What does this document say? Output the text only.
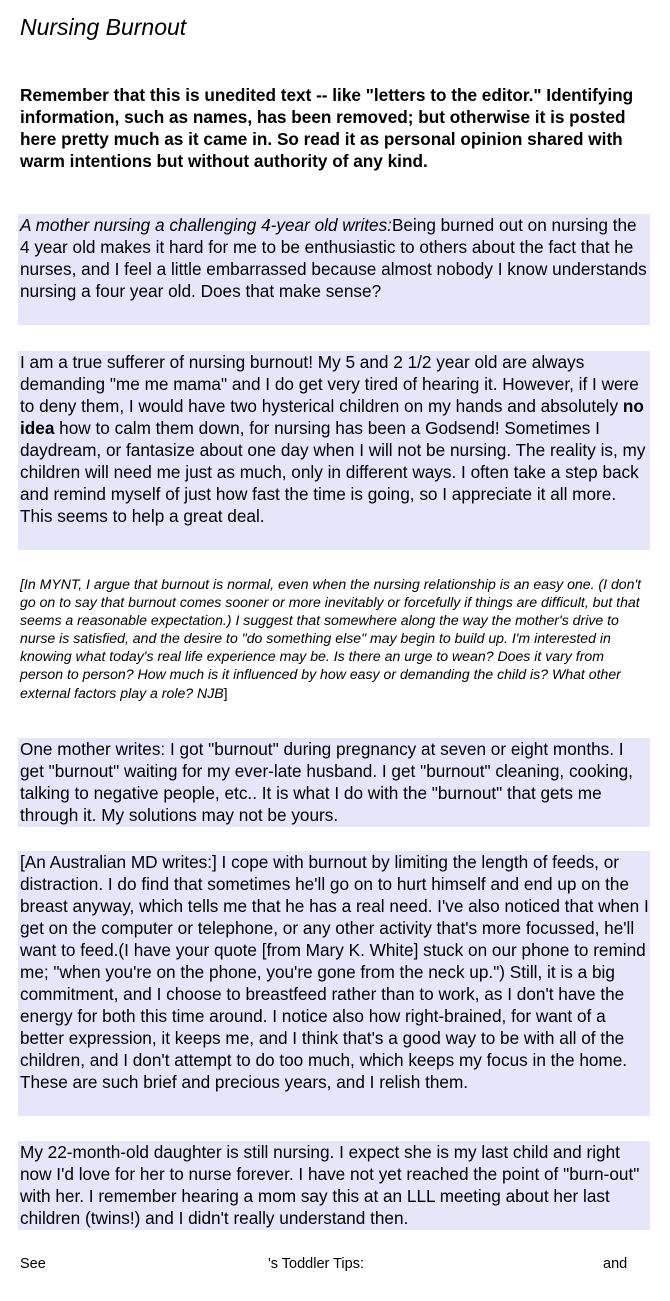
Nursing Burnout

Remember that this is unedited text -- like "letters to the editor." Identifying information, such as names, has been removed; but otherwise it is posted here pretty much as it came in. So read it as personal opinion shared with warm intentions but without authority of any kind.

A mother nursing a challenging 4-year old writes:Being burned out on nursing the 4 year old makes it hard for me to be enthusiastic to others about the fact that he nurses, and I feel a little embarrassed because almost nobody I know understands nursing a four year old. Does that make sense?
I am a true sufferer of nursing burnout! My 5 and 2 1/2 year old are always demanding "me me mama" and I do get very tired of hearing it. However, if I were to deny them, I would have two hysterical children on my hands and absolutely no idea how to calm them down, for nursing has been a Godsend! Sometimes I daydream, or fantasize about one day when I will not be nursing. The reality is, my children will need me just as much, only in different ways. I often take a step back and remind myself of just how fast the time is going, so I appreciate it all more. This seems to help a great deal.

[In MYNT, I argue that burnout is normal, even when the nursing relationship is an easy one. (I don't go on to say that burnout comes sooner or more inevitably or forcefully if things are difficult, but that seems a reasonable expectation.) I suggest that somewhere along the way the mother's drive to nurse is satisfied, and the desire to "do something else" may begin to build up. I'm interested in knowing what today's real life experience may be. Is there an urge to wean? Does it vary from person to person? How much is it influenced by how easy or demanding the child is? What other external factors play a role? NJB]

One mother writes: I got "burnout" during pregnancy at seven or eight months. I get "burnout" waiting for my ever-late husband. I get "burnout" cleaning, cooking, talking to negative people, etc.. It is what I do with the "burnout" that gets me through it. My solutions may not be yours.
[An Australian MD writes:] I cope with burnout by limiting the length of feeds, or distraction. I do find that sometimes he'll go on to hurt himself and end up on the breast anyway, which tells me that he has a real need. I've also noticed that when I get on the computer or telephone, or any other activity that's more focussed, he'll want to feed.(I have your quote [from Mary K. White] stuck on our phone to remind me; "when you're on the phone, you're gone from the neck up.") Still, it is a big commitment, and I choose to breastfeed rather than to work, as I don't have the energy for both this time around. I notice also how right-brained, for want of a better expression, it keeps me, and I think that's a good way to be with all of the children, and I don't attempt to do too much, which keeps my focus in the home. These are such brief and precious years, and I relish them.
My 22-month-old daughter is still nursing. I expect she is my last child and right now I'd love for her to nurse forever. I have not yet reached the point of "burn-out" with her. I remember hearing a mom say this at an LLL meeting about her last children (twins!) and I didn't really understand then.
See	's Toddler Tips:	and
